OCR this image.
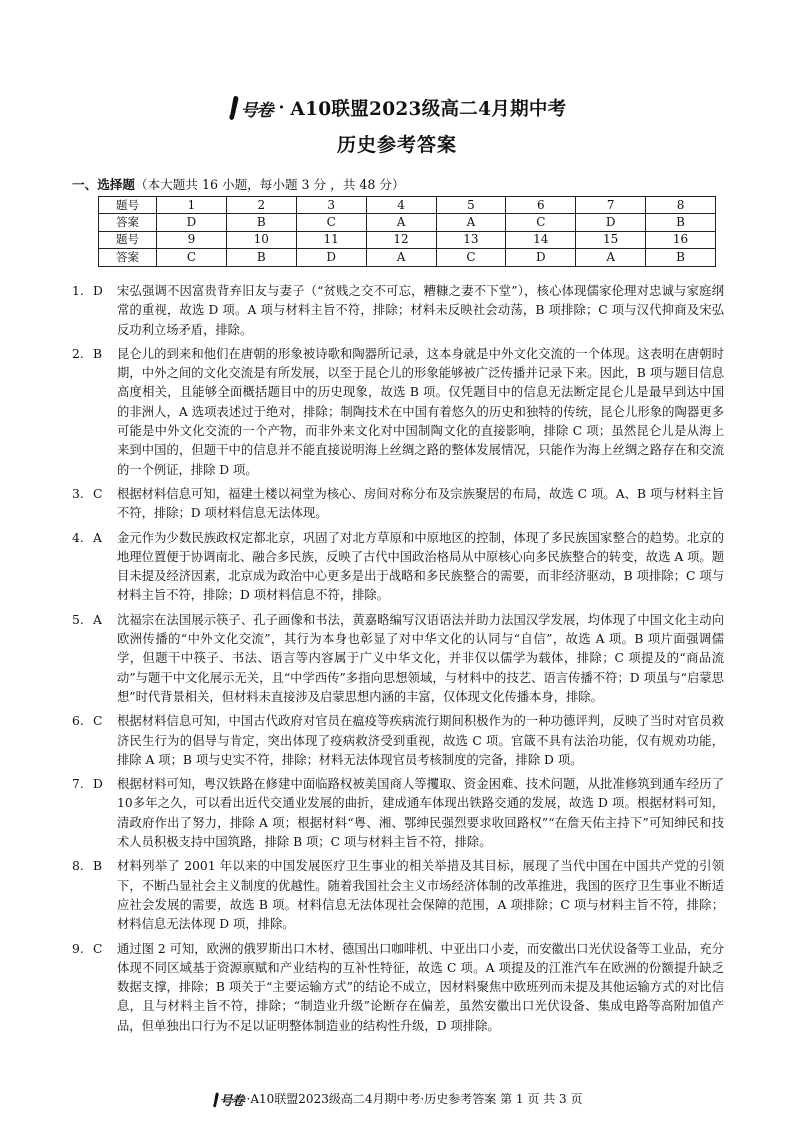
号卷 · A10联盟2023级高二4月期中考
历史参考答案
一、选择题（本大题共 16 小题，每小题 3 分 ，共 48 分）
题号	1	2	3	4	5	6	7	8
答案	D	B	C	A	A	C	D	B
题号	9	10	11	12	13	14	15	16
答案	C	B	D	A	C	D	A	B
1. D	宋弘强调不因富贵背弃旧友与妻子（“贫贱之交不可忘，糟糠之妻不下堂”），核心体现儒家伦理对忠诚与家庭纲常的重视，故选 D 项。A 项与材料主旨不符，排除；材料未反映社会动荡，B 项排除；C 项与汉代抑商及宋弘反功利立场矛盾，排除。
2. B	昆仑儿的到来和他们在唐朝的形象被诗歌和陶器所记录，这本身就是中外文化交流的一个体现。这表明在唐朝时期，中外之间的文化交流是有所发展，以至于昆仑儿的形象能够被广泛传播并记录下来。因此，B 项与题目信息高度相关，且能够全面概括题目中的历史现象，故选 B 项。仅凭题目中的信息无法断定昆仑儿是最早到达中国的非洲人，A 选项表述过于绝对，排除；制陶技术在中国有着悠久的历史和独特的传统，昆仑儿形象的陶器更多可能是中外文化交流的一个产物，而非外来文化对中国制陶文化的直接影响，排除 C 项；虽然昆仑儿是从海上来到中国的，但题干中的信息并不能直接说明海上丝绸之路的整体发展情况，只能作为海上丝绸之路存在和交流的一个例证，排除 D 项。
3. C	根据材料信息可知，福建土楼以祠堂为核心、房间对称分布及宗族聚居的布局，故选 C 项。A、B 项与材料主旨不符，排除；D 项材料信息无法体现。
4. A	金元作为少数民族政权定都北京，巩固了对北方草原和中原地区的控制，体现了多民族国家整合的趋势。北京的地理位置便于协调南北、融合多民族，反映了古代中国政治格局从中原核心向多民族整合的转变，故选 A 项。题目未提及经济因素，北京成为政治中心更多是出于战略和多民族整合的需要，而非经济驱动，B 项排除；C 项与材料主旨不符，排除；D 项材料信息不符，排除。
5. A	沈福宗在法国展示筷子、孔子画像和书法，黄嘉略编写汉语语法并助力法国汉学发展，均体现了中国文化主动向欧洲传播的“中外文化交流”，其行为本身也彰显了对中华文化的认同与“自信”，故选 A 项。B 项片面强调儒学，但题干中筷子、书法、语言等内容属于广义中华文化，并非仅以儒学为载体，排除；C 项提及的“商品流动”与题干中文化展示无关，且“中学西传”多指向思想领域，与材料中的技艺、语言传播不符；D 项虽与“启蒙思想”时代背景相关，但材料未直接涉及启蒙思想内涵的丰富，仅体现文化传播本身，排除。
6. C	根据材料信息可知，中国古代政府对官员在瘟疫等疾病流行期间积极作为的一种功德评判，反映了当时对官员救济民生行为的倡导与肯定，突出体现了疫病救济受到重视，故选 C 项。官箴不具有法治功能，仅有规劝功能，排除 A 项；B 项与史实不符，排除；材料无法体现官员考核制度的完备，排除 D 项。
7. D	根据材料可知，粤汉铁路在修建中面临路权被美国商人等攫取、资金困难、技术问题，从批准修筑到通车经历了10多年之久，可以看出近代交通业发展的曲折，建成通车体现出铁路交通的发展，故选 D 项。根据材料可知，清政府作出了努力，排除 A 项；根据材料“粤、湘、鄂绅民强烈要求收回路权”“在詹天佑主持下”可知绅民和技术人员积极支持中国筑路，排除 B 项；C 项与材料主旨不符，排除。
8. B	材料列举了 2001 年以来的中国发展医疗卫生事业的相关举措及其目标，展现了当代中国在中国共产党的引领下，不断凸显社会主义制度的优越性。随着我国社会主义市场经济体制的改革推进，我国的医疗卫生事业不断适应社会发展的需要，故选 B 项。材料信息无法体现社会保障的范围，A 项排除；C 项与材料主旨不符，排除；材料信息无法体现 D 项，排除。
9. C	通过图 2 可知，欧洲的俄罗斯出口木材、德国出口咖啡机、中亚出口小麦，而安徽出口光伏设备等工业品，充分体现不同区域基于资源禀赋和产业结构的互补性特征，故选 C 项。A 项提及的江淮汽车在欧洲的份额提升缺乏数据支撑，排除；B 项关于“主要运输方式”的结论不成立，因材料聚焦中欧班列而未提及其他运输方式的对比信息，且与材料主旨不符，排除；“制造业升级”论断存在偏差，虽然安徽出口光伏设备、集成电路等高附加值产品，但单独出口行为不足以证明整体制造业的结构性升级，D 项排除。
号卷 ·A10联盟2023级高二4月期中考·历史参考答案 第 1 页 共 3 页
